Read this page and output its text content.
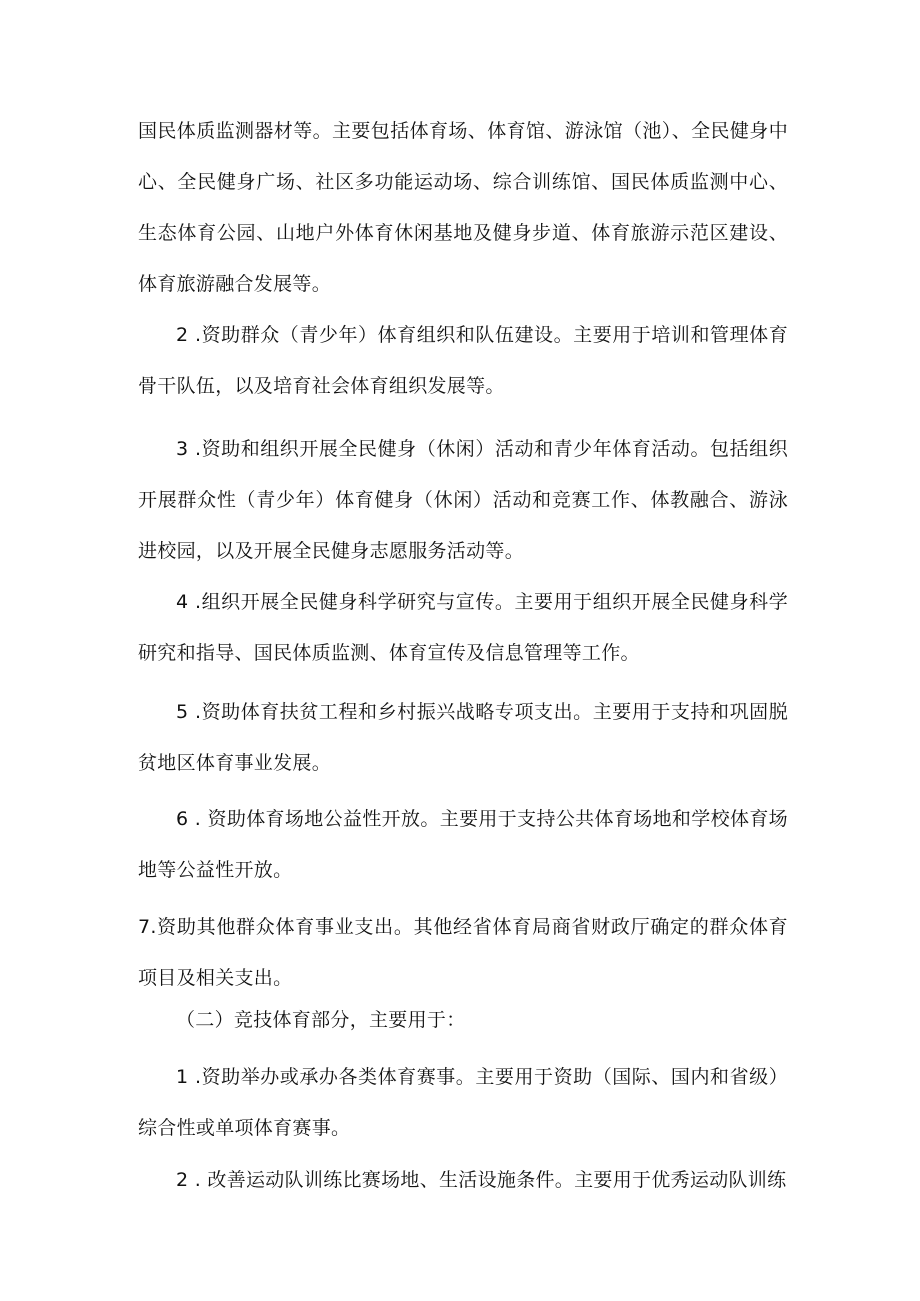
国民体质监测器材等。主要包括体育场、体育馆、游泳馆（池）、全民健身中心、全民健身广场、社区多功能运动场、综合训练馆、国民体质监测中心、生态体育公园、山地户外体育休闲基地及健身步道、体育旅游示范区建设、体育旅游融合发展等。

2 .资助群众（青少年）体育组织和队伍建设。主要用于培训和管理体育骨干队伍，以及培育社会体育组织发展等。

3 .资助和组织开展全民健身（休闲）活动和青少年体育活动。包括组织开展群众性（青少年）体育健身（休闲）活动和竞赛工作、体教融合、游泳进校园，以及开展全民健身志愿服务活动等。

4 .组织开展全民健身科学研究与宣传。主要用于组织开展全民健身科学研究和指导、国民体质监测、体育宣传及信息管理等工作。

5 .资助体育扶贫工程和乡村振兴战略专项支出。主要用于支持和巩固脱贫地区体育事业发展。

6 . 资助体育场地公益性开放。主要用于支持公共体育场地和学校体育场地等公益性开放。

7.资助其他群众体育事业支出。其他经省体育局商省财政厅确定的群众体育项目及相关支出。

（二）竞技体育部分，主要用于：

1 .资助举办或承办各类体育赛事。主要用于资助（国际、国内和省级）综合性或单项体育赛事。

2 . 改善运动队训练比赛场地、生活设施条件。主要用于优秀运动队训练
